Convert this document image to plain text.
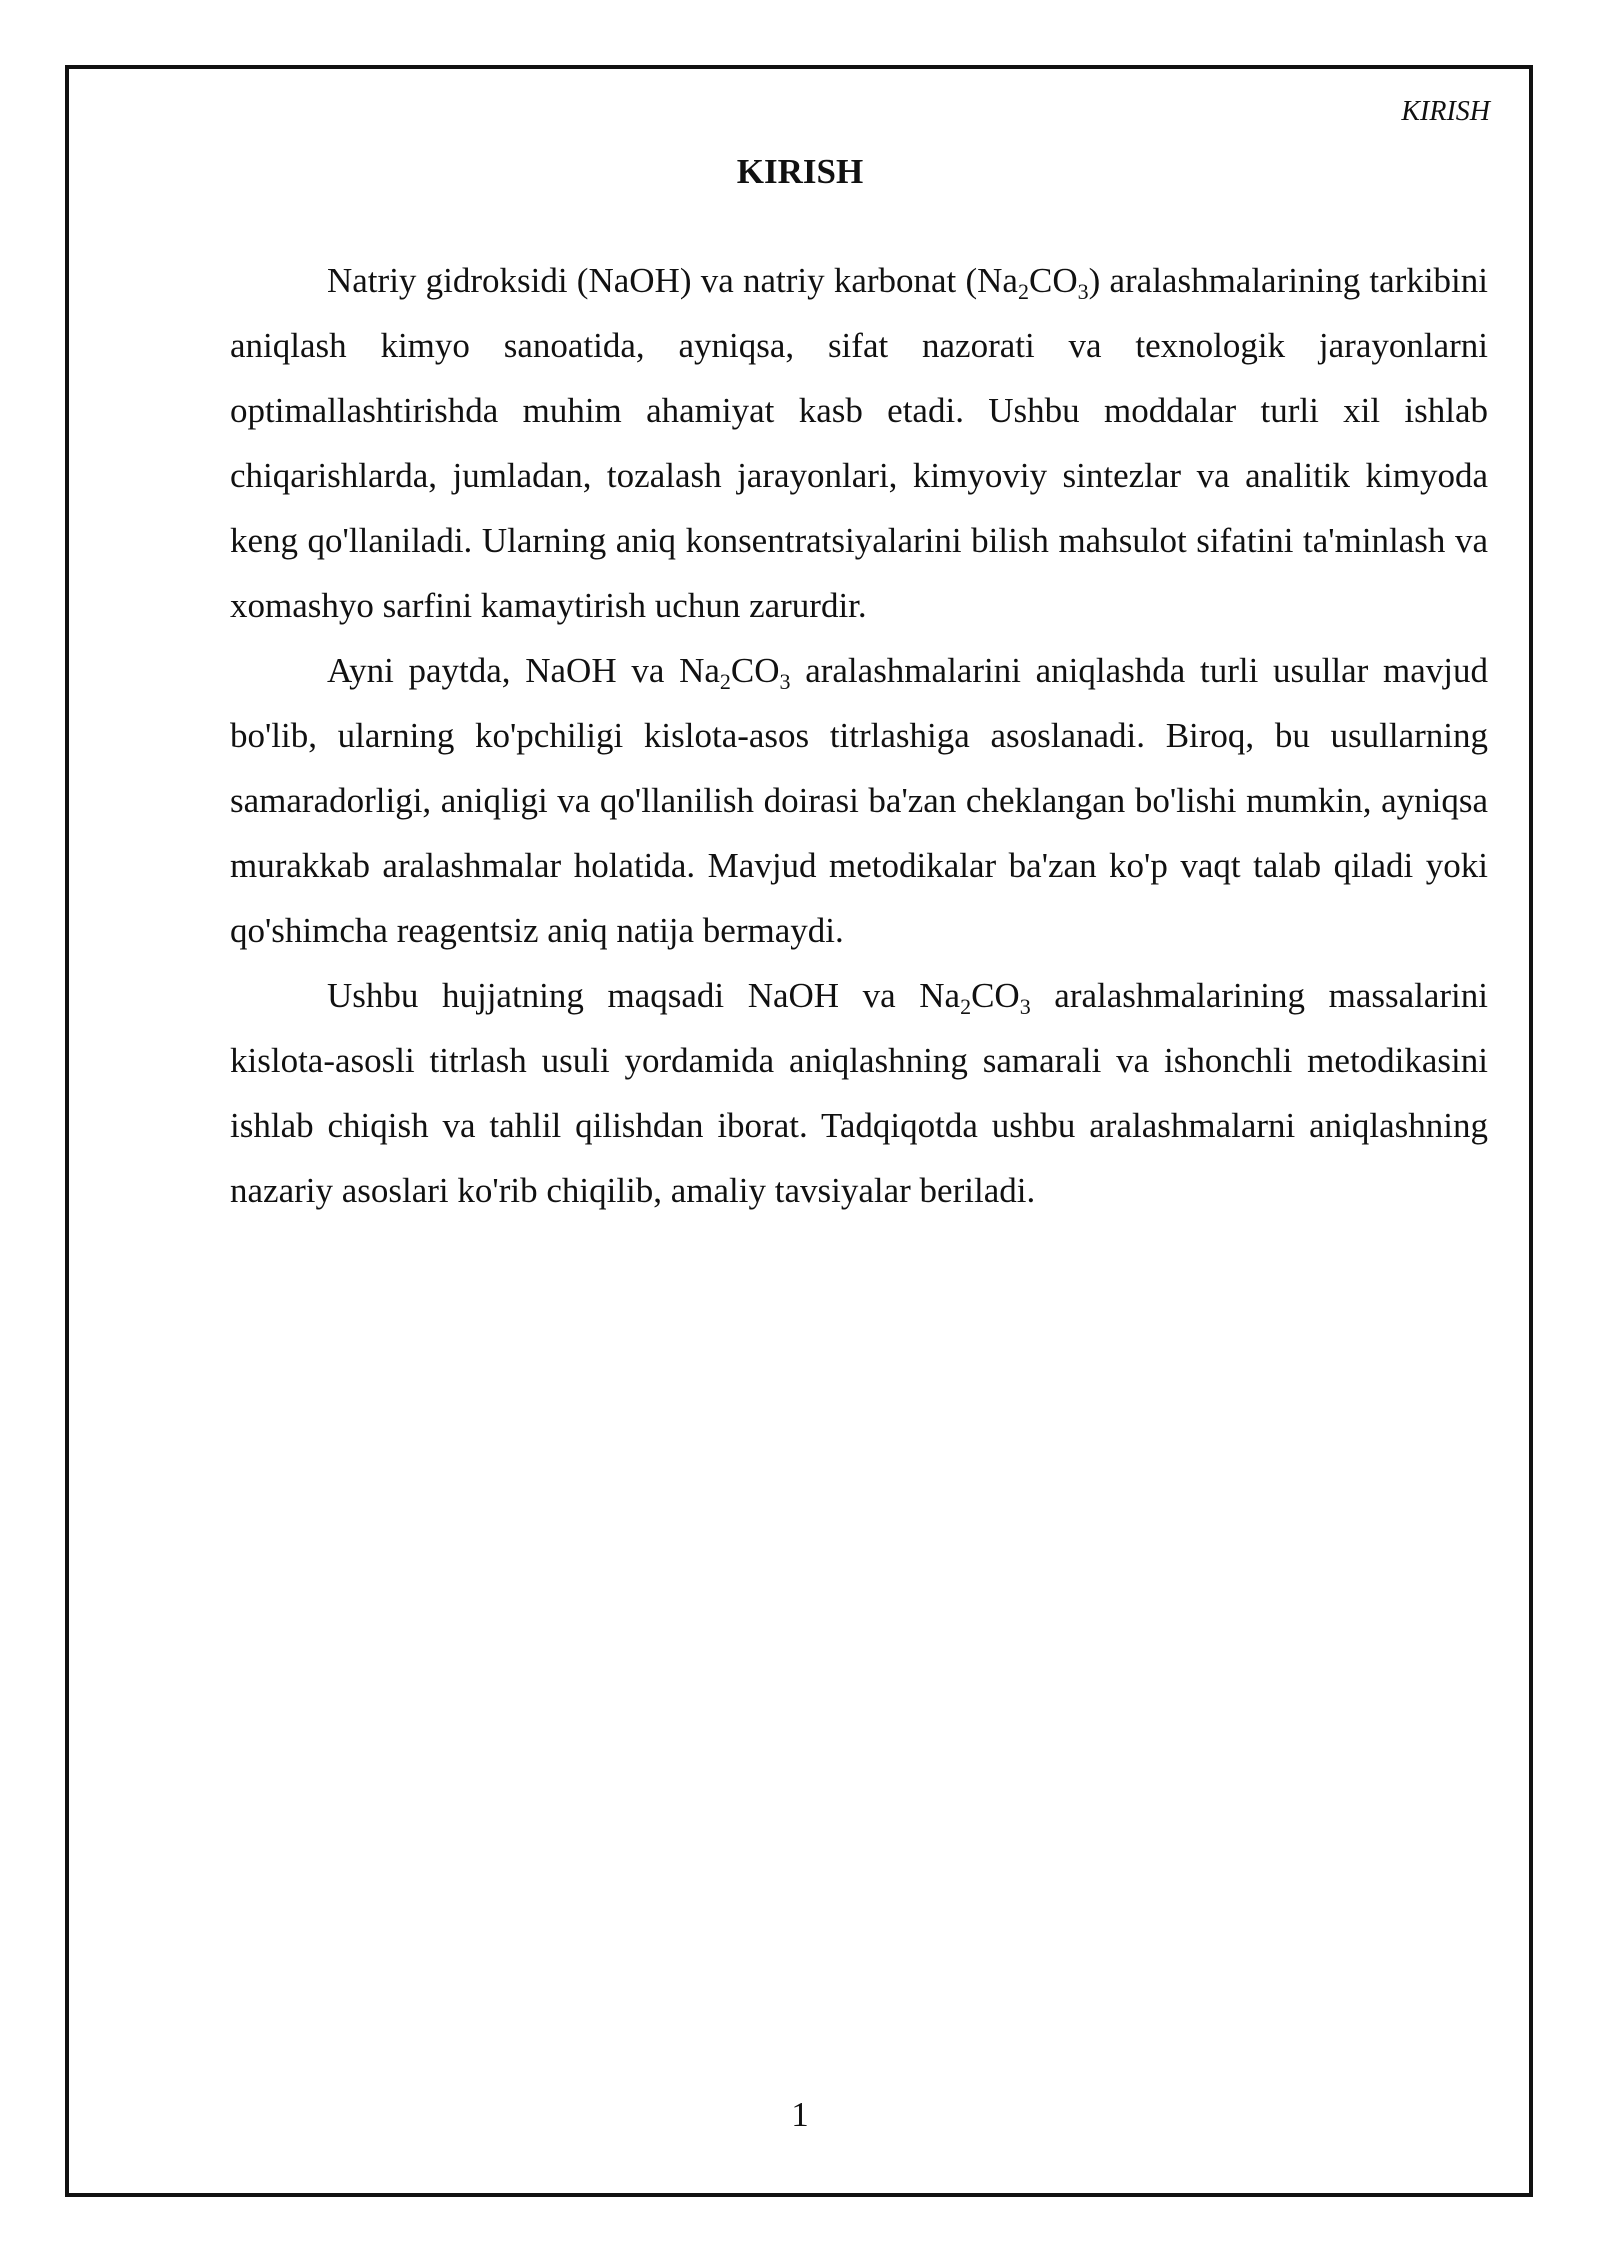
KIRISH

KIRISH

Natriy gidroksidi (NaOH) va natriy karbonat $(Na_2CO_3)$ aralashmalarining tarkibini aniqlash kimyo sanoatida, ayniqsa, sifat nazorati va texnologik jarayonlarni optimallashtirishda muhim ahamiyat kasb etadi. Ushbu moddalar turli xil ishlab chiqarishlarda, jumladan, tozalash jarayonlari, kimyoviy sintezlar va analitik kimyoda keng qo'llaniladi. Ularning aniq konsentratsiyalarini bilish mahsulot sifatini ta'minlash va xomashyo sarfini kamaytirish uchun zarurdir.

Ayni paytda, NaOH va $Na_2CO_3$ aralashmalarini aniqlashda turli usullar mavjud bo'lib, ularning ko'pchiligi kislota-asos titrlashiga asoslanadi. Biroq, bu usullarning samaradorligi, aniqligi va qo'llanilish doirasi ba'zan cheklangan bo'lishi mumkin, ayniqsa murakkab aralashmalar holatida. Mavjud metodikalar ba'zan ko'p vaqt talab qiladi yoki qo'shimcha reagentsiz aniq natija bermaydi.

Ushbu hujjatning maqsadi NaOH va $Na_2CO_3$ aralashmalarining massalarini kislota-asosli titrlash usuli yordamida aniqlashning samarali va ishonchli metodikasini ishlab chiqish va tahlil qilishdan iborat. Tadqiqotda ushbu aralashmalarni aniqlashning nazariy asoslari ko'rib chiqilib, amaliy tavsiyalar beriladi.

1
